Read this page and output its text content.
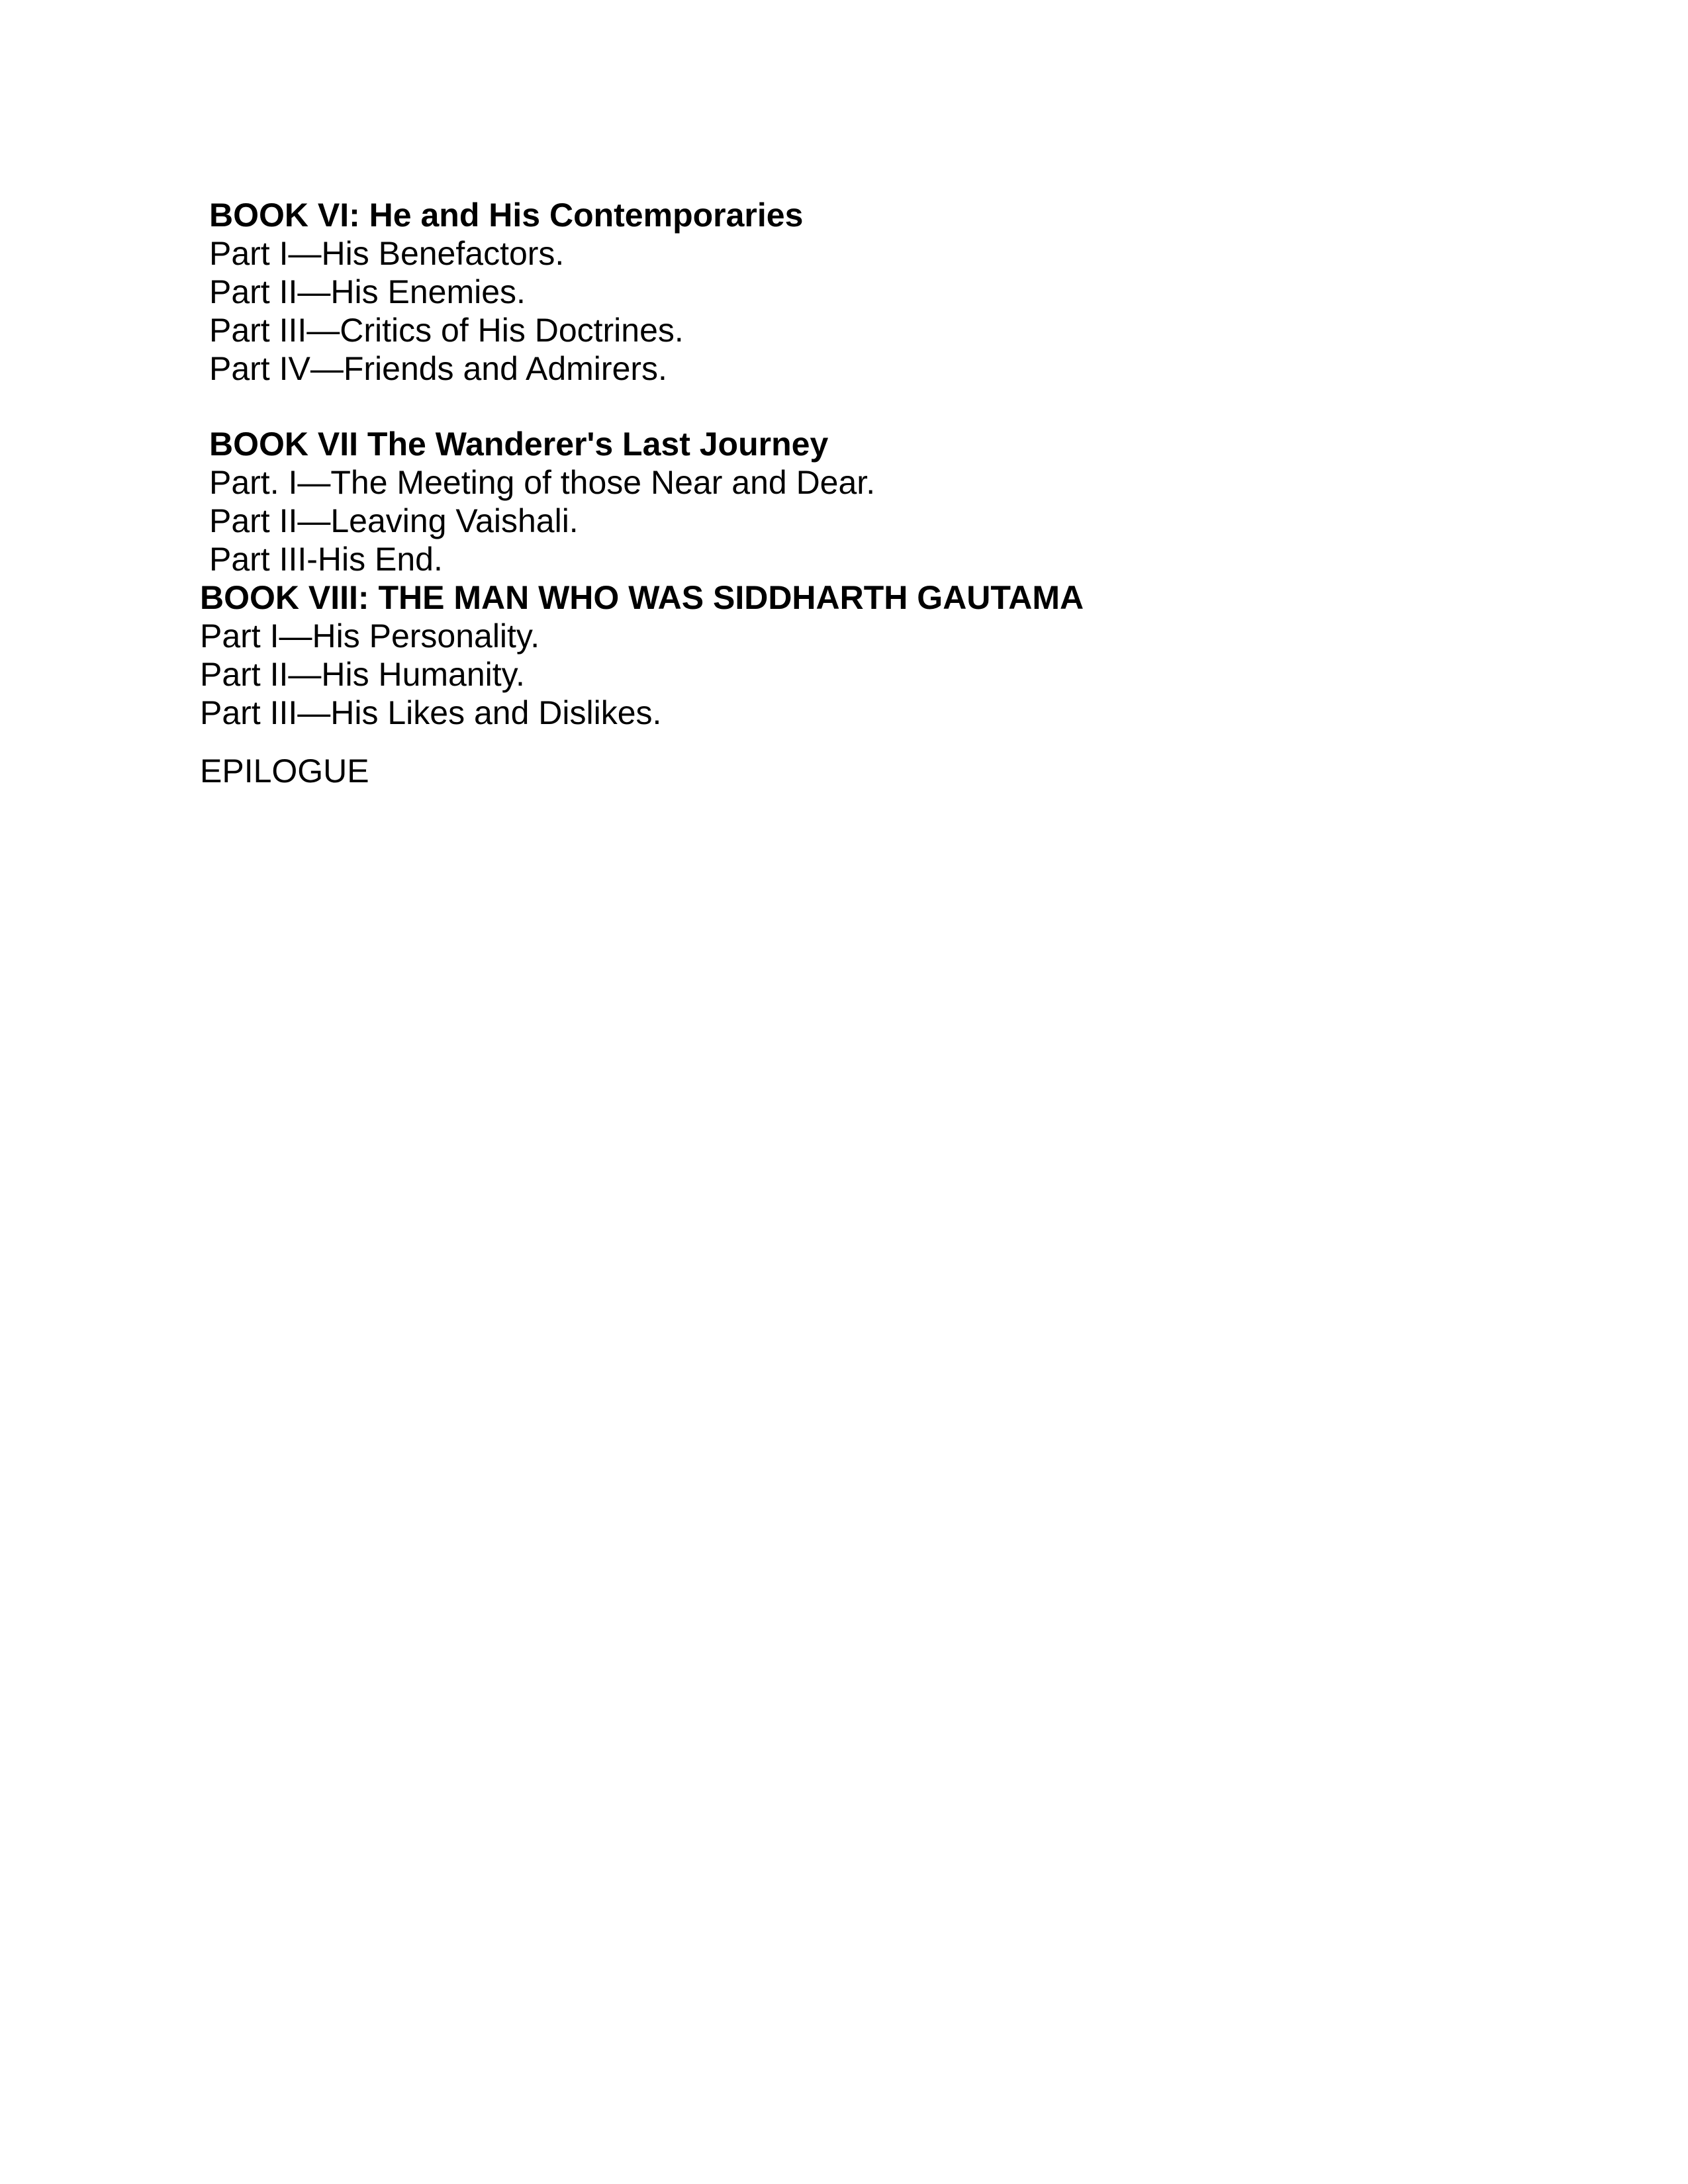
BOOK VI: He and His Contemporaries

Part I—His Benefactors.

Part II—His Enemies.

Part III—Critics of His Doctrines.

Part IV—Friends and Admirers.

BOOK VII The Wanderer's Last Journey

Part. I—The Meeting of those Near and Dear.

Part II—Leaving Vaishali.

Part III-His End.

BOOK VIII: THE MAN WHO WAS SIDDHARTH GAUTAMA

Part I—His Personality.

Part II—His Humanity.

Part III—His Likes and Dislikes.

EPILOGUE
